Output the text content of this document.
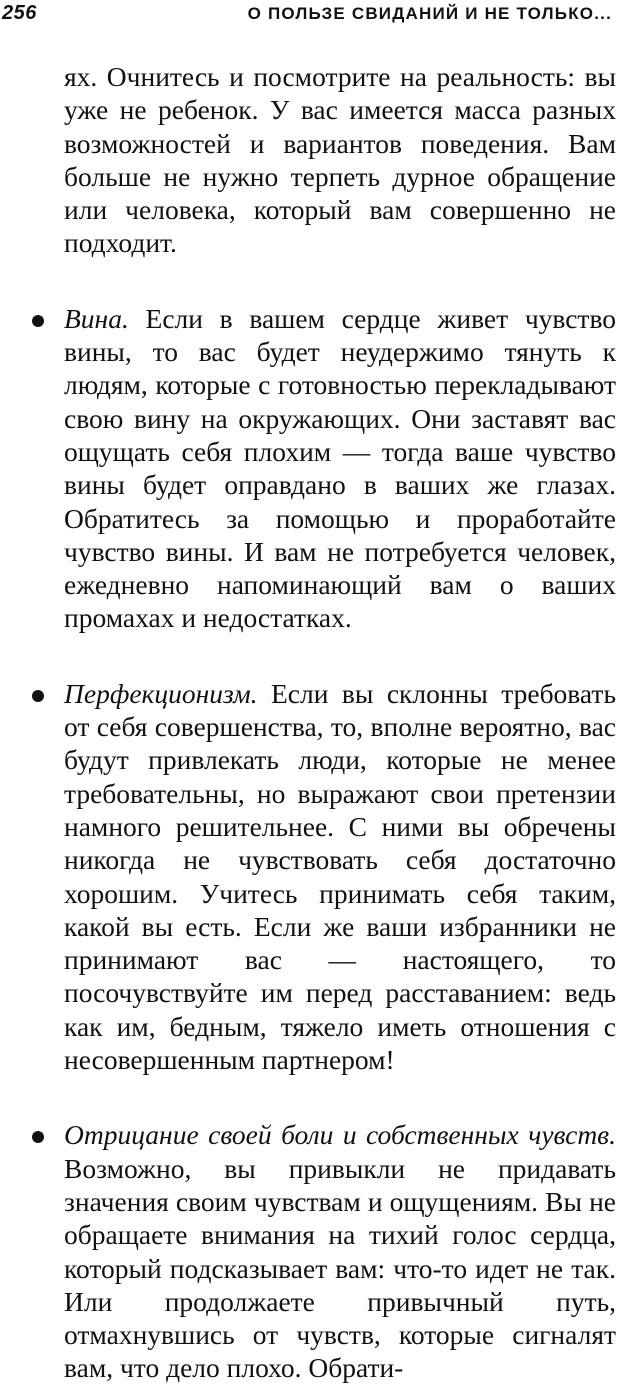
256	О ПОЛЬЗЕ СВИДАНИЙ И НЕ ТОЛЬКО...

ях. Очнитесь и посмотрите на реальность: вы уже не ребенок. У вас имеется масса разных возможностей и вариантов поведения. Вам больше не нужно терпеть дурное обращение или человека, который вам совершенно не подходит.

Вина. Если в вашем сердце живет чувство вины, то вас будет неудержимо тянуть к людям, которые с готовностью перекладывают свою вину на окружающих. Они заставят вас ощущать себя плохим — тогда ваше чувство вины будет оправдано в ваших же глазах. Обратитесь за помощью и проработайте чувство вины. И вам не потребуется человек, ежедневно напоминающий вам о ваших промахах и недостатках.

Перфекционизм. Если вы склонны требовать от себя совершенства, то, вполне вероятно, вас будут привлекать люди, которые не менее требовательны, но выражают свои претензии намного решительнее. С ними вы обречены никогда не чувствовать себя достаточно хорошим. Учитесь принимать себя таким, какой вы есть. Если же ваши избранники не принимают вас — настоящего, то посочувствуйте им перед расставанием: ведь как им, бедным, тяжело иметь отношения с несовершенным партнером!

Отрицание своей боли и собственных чувств. Возможно, вы привыкли не придавать значения своим чувствам и ощущениям. Вы не обращаете внимания на тихий голос сердца, который подсказывает вам: что-то идет не так. Или продолжаете привычный путь, отмахнувшись от чувств, которые сигналят вам, что дело плохо. Обрати-
